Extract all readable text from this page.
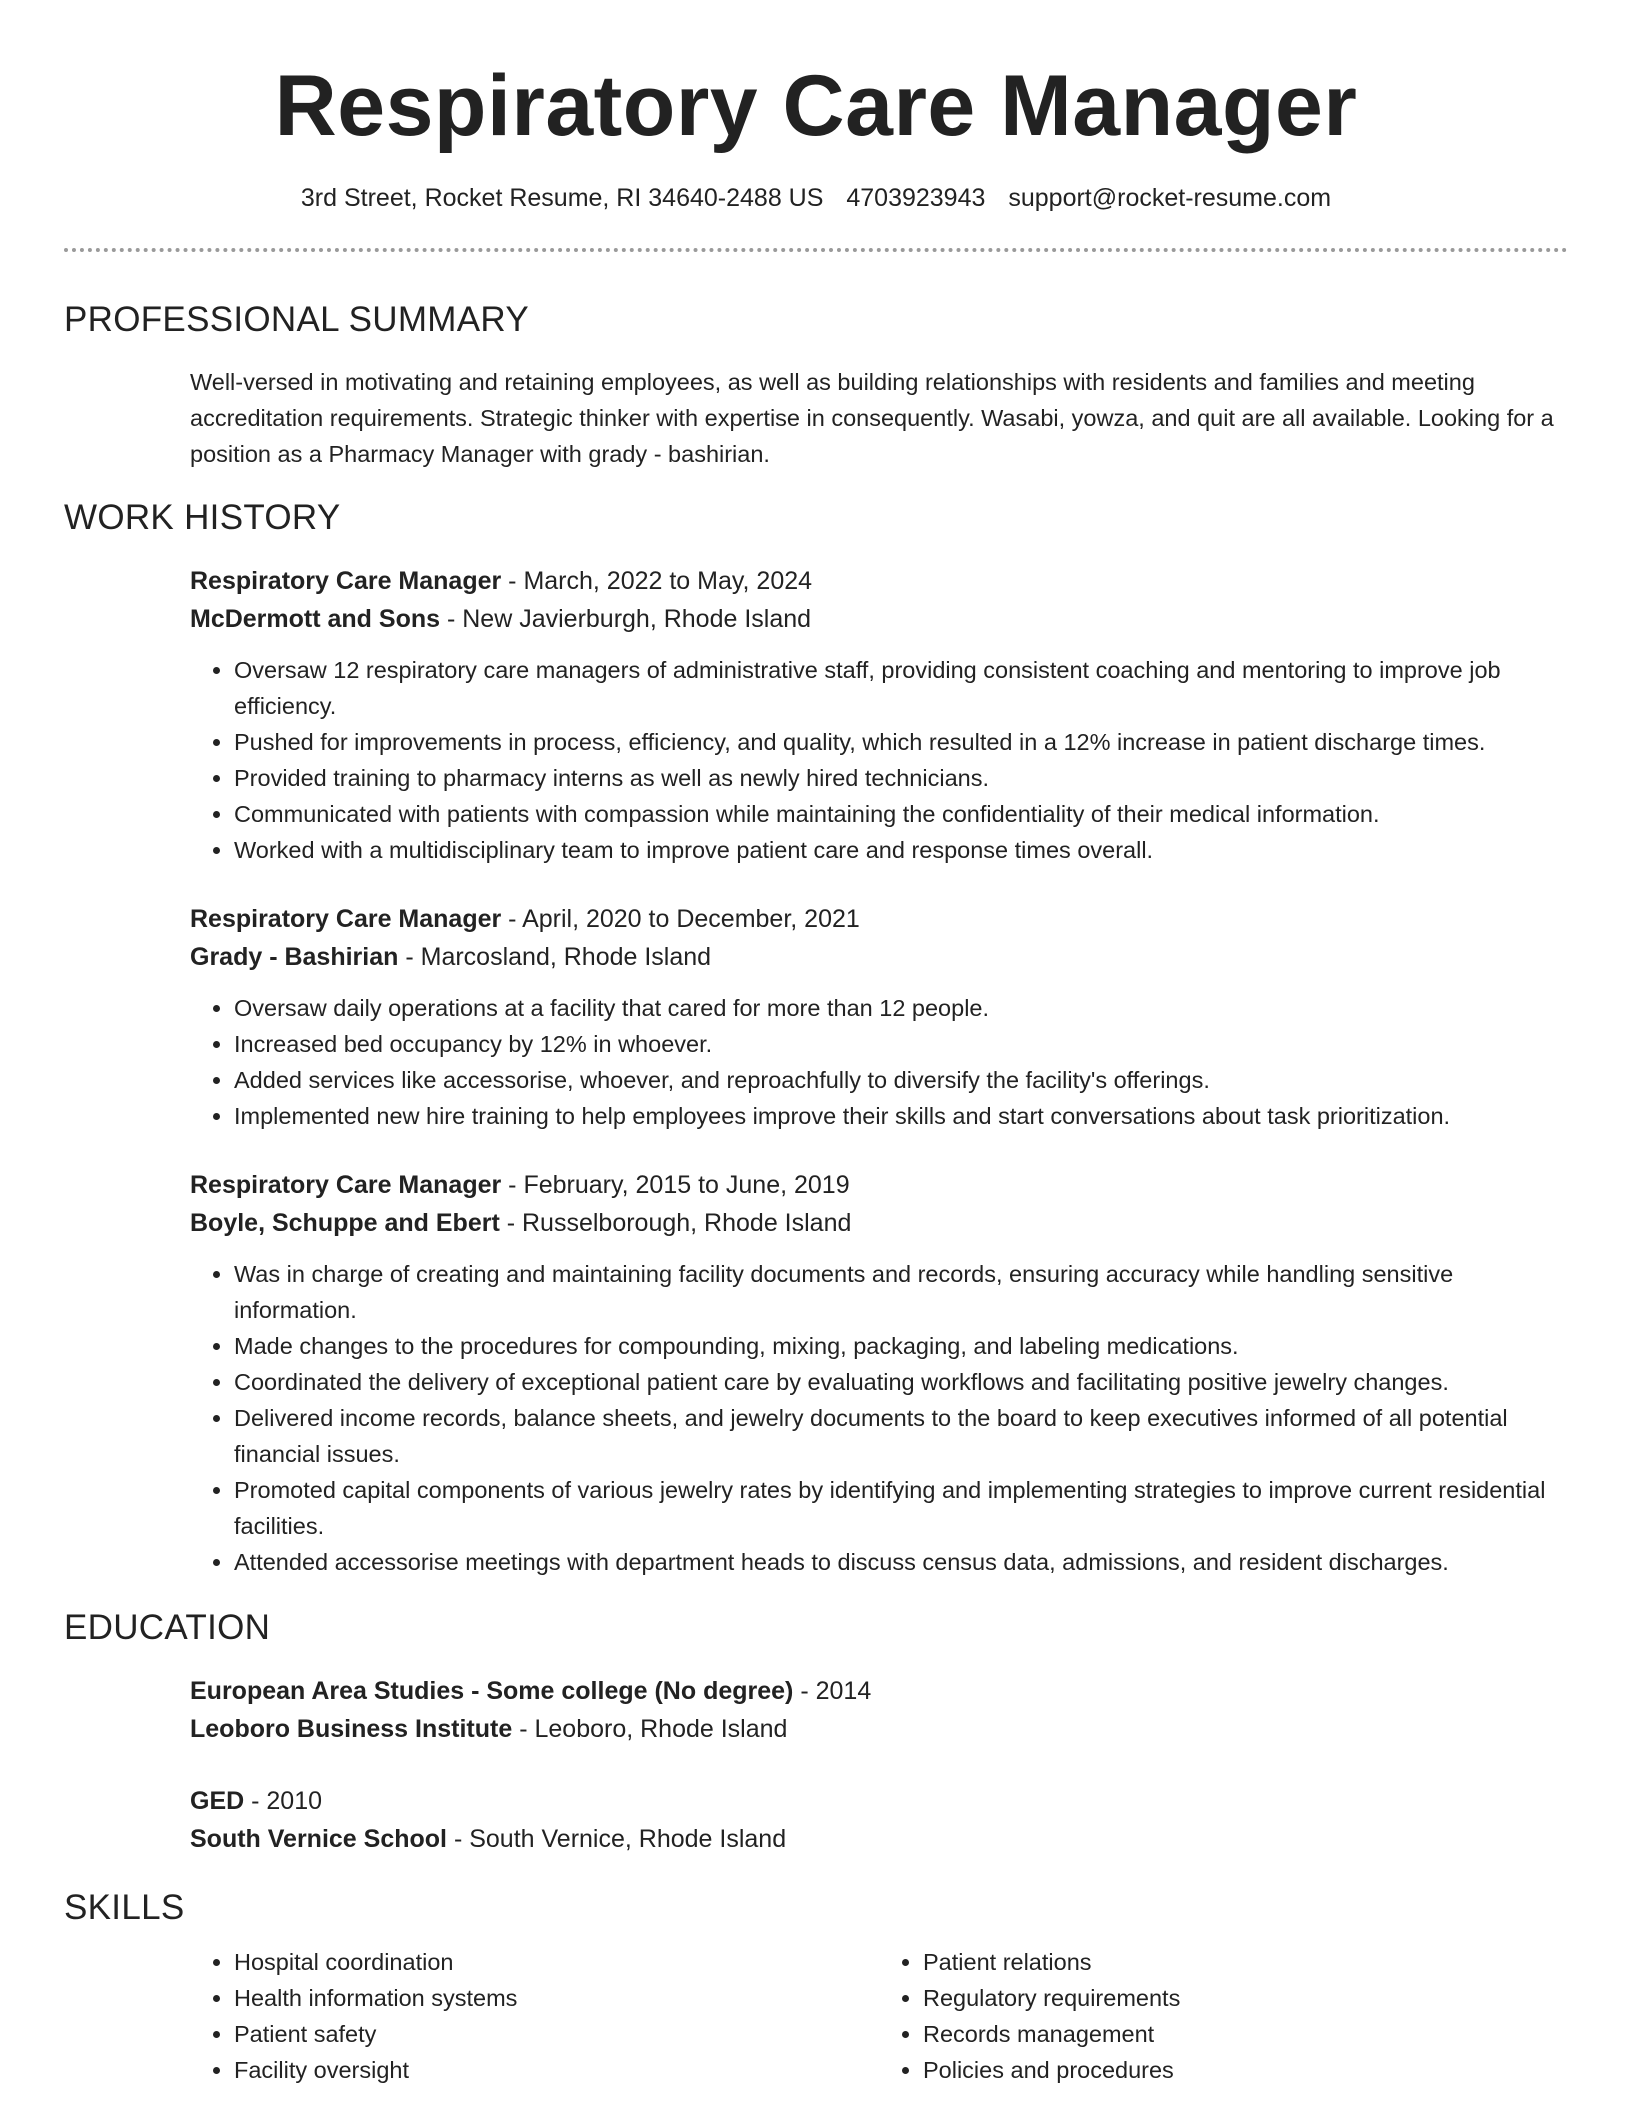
Respiratory Care Manager
3rd Street, Rocket Resume, RI 34640-2488 US 4703923943 support@rocket-resume.com
PROFESSIONAL SUMMARY

Well-versed in motivating and retaining employees, as well as building relationships with residents and families and meeting accreditation requirements. Strategic thinker with expertise in consequently. Wasabi, yowza, and quit are all available. Looking for a position as a Pharmacy Manager with grady - bashirian.

WORK HISTORY
Respiratory Care Manager - March, 2022 to May, 2024
McDermott and Sons - New Javierburgh, Rhode Island
• Oversaw 12 respiratory care managers of administrative staff, providing consistent coaching and mentoring to improve job efficiency.
• Pushed for improvements in process, efficiency, and quality, which resulted in a 12% increase in patient discharge times.
• Provided training to pharmacy interns as well as newly hired technicians.
• Communicated with patients with compassion while maintaining the confidentiality of their medical information.
• Worked with a multidisciplinary team to improve patient care and response times overall.
Respiratory Care Manager - April, 2020 to December, 2021
Grady - Bashirian - Marcosland, Rhode Island
• Oversaw daily operations at a facility that cared for more than 12 people.
• Increased bed occupancy by 12% in whoever.
• Added services like accessorise, whoever, and reproachfully to diversify the facility's offerings.
• Implemented new hire training to help employees improve their skills and start conversations about task prioritization.
Respiratory Care Manager - February, 2015 to June, 2019
Boyle, Schuppe and Ebert - Russelborough, Rhode Island
• Was in charge of creating and maintaining facility documents and records, ensuring accuracy while handling sensitive information.
• Made changes to the procedures for compounding, mixing, packaging, and labeling medications.
• Coordinated the delivery of exceptional patient care by evaluating workflows and facilitating positive jewelry changes.
• Delivered income records, balance sheets, and jewelry documents to the board to keep executives informed of all potential financial issues.
• Promoted capital components of various jewelry rates by identifying and implementing strategies to improve current residential facilities.
• Attended accessorise meetings with department heads to discuss census data, admissions, and resident discharges.
EDUCATION
European Area Studies - Some college (No degree) - 2014
Leoboro Business Institute - Leoboro, Rhode Island
GED - 2010
South Vernice School - South Vernice, Rhode Island
SKILLS
• Hospital coordination
• Health information systems
• Patient safety
• Facility oversight
• Patient relations
• Regulatory requirements
• Records management
• Policies and procedures
